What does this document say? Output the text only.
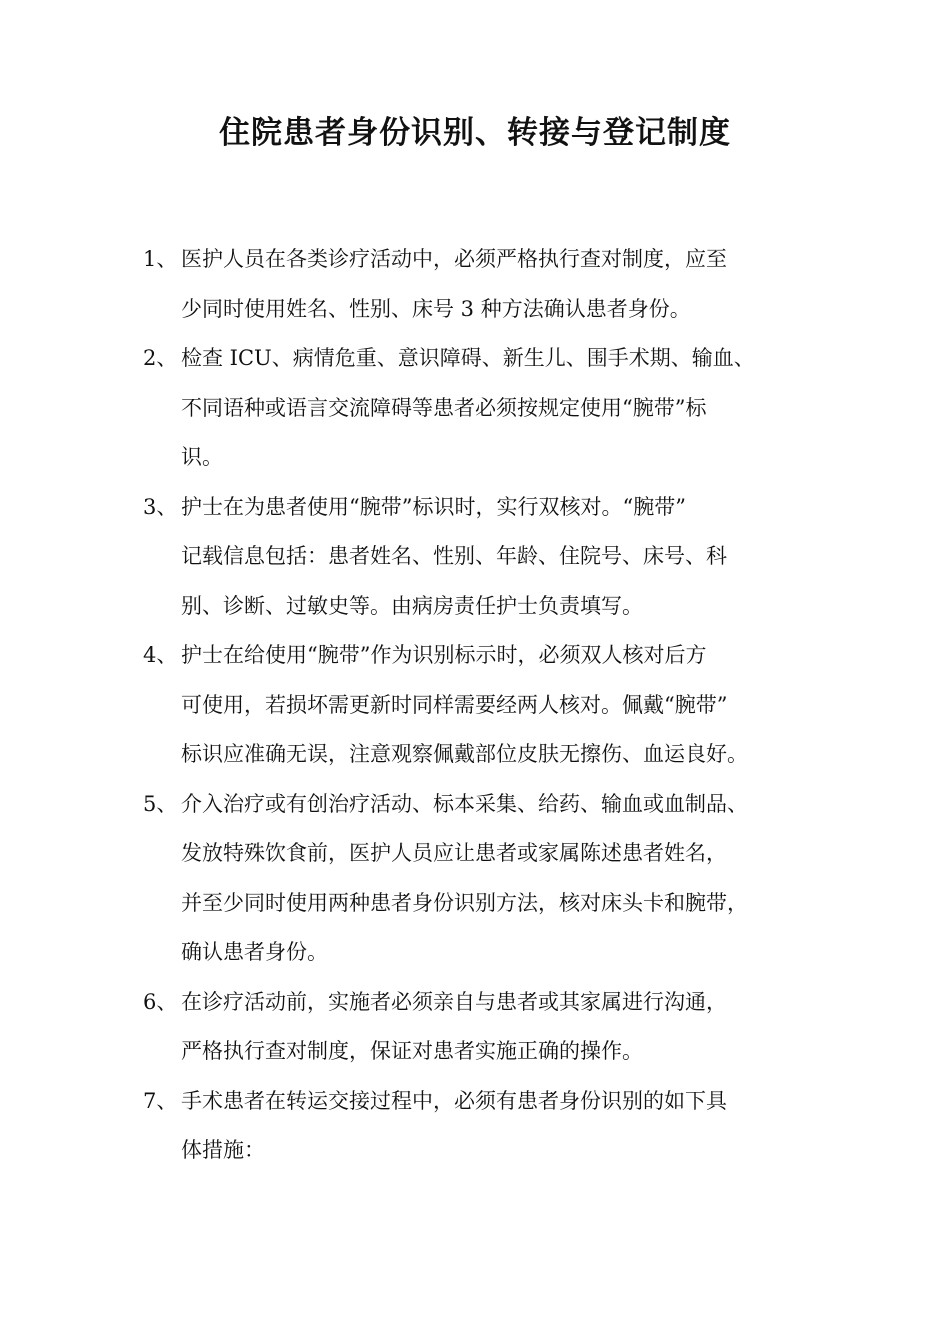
住院患者身份识别、转接与登记制度
1、 医护人员在各类诊疗活动中，必须严格执行查对制度，应至
少同时使用姓名、性别、床号 3 种方法确认患者身份。
2、 检查 ICU、病情危重、意识障碍、新生儿、围手术期、输血、
不同语种或语言交流障碍等患者必须按规定使用“腕带”标
识。
3、 护士在为患者使用“腕带”标识时，实行双核对。“腕带”
记载信息包括：患者姓名、性别、年龄、住院号、床号、科
别、诊断、过敏史等。由病房责任护士负责填写。
4、 护士在给使用“腕带”作为识别标示时，必须双人核对后方
可使用，若损坏需更新时同样需要经两人核对。佩戴“腕带”
标识应准确无误，注意观察佩戴部位皮肤无擦伤、血运良好。
5、 介入治疗或有创治疗活动、标本采集、给药、输血或血制品、
发放特殊饮食前，医护人员应让患者或家属陈述患者姓名，
并至少同时使用两种患者身份识别方法，核对床头卡和腕带，
确认患者身份。
6、 在诊疗活动前，实施者必须亲自与患者或其家属进行沟通，
严格执行查对制度，保证对患者实施正确的操作。
7、 手术患者在转运交接过程中，必须有患者身份识别的如下具
体措施：
